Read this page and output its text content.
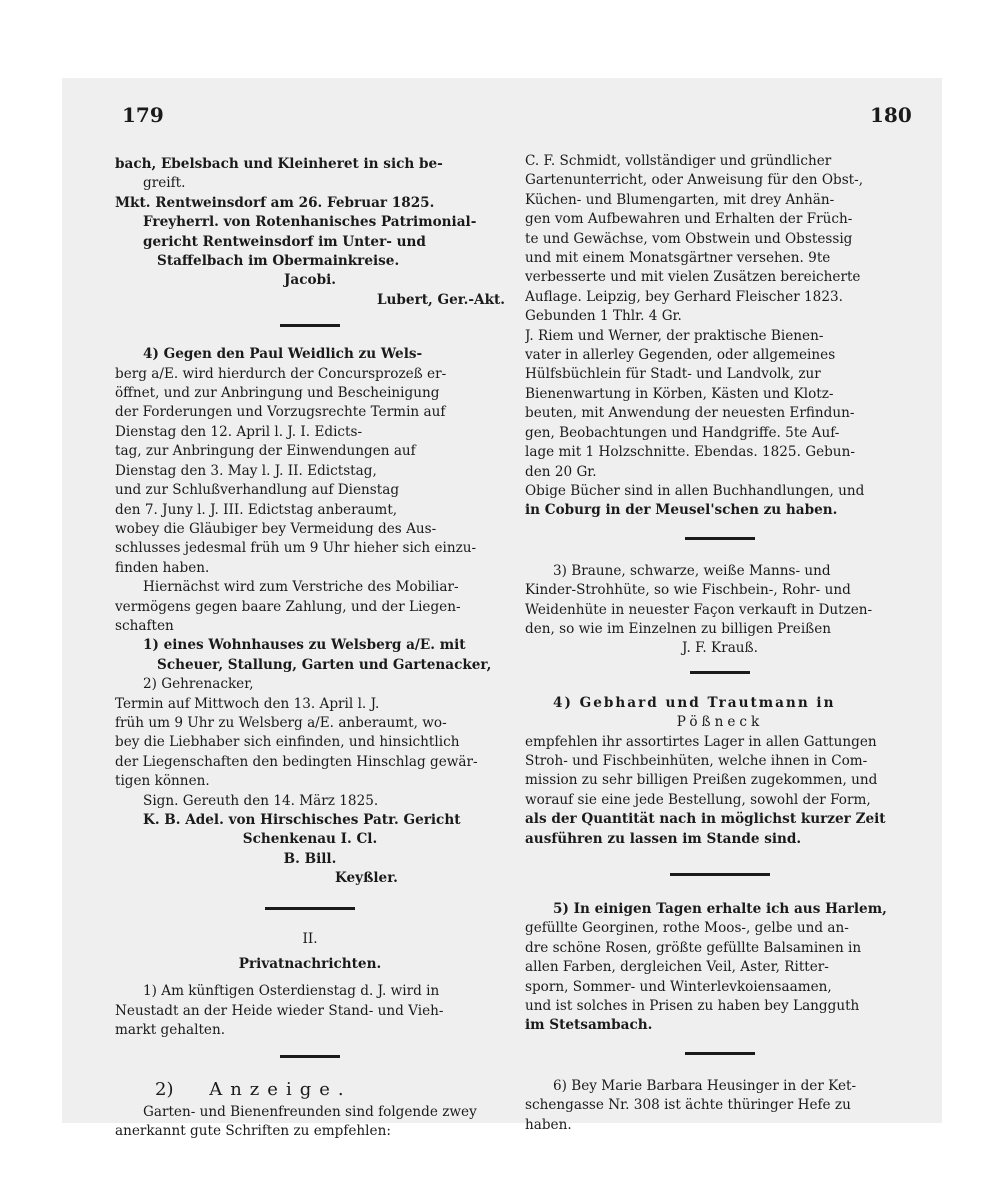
179	180
bach, Ebelsbach und Kleinheret in sich be-
greift.
Mkt. Rentweinsdorf am 26. Februar 1825.
Freyherrl. von Rotenhanisches Patrimonial-
gericht Rentweinsdorf im Unter- und
Staffelbach im Obermainkreise.
Jacobi.
Lubert, Ger.-Akt.
4) Gegen den Paul Weidlich zu Wels-
berg a/E. wird hierdurch der Concursprozeß er-
öffnet, und zur Anbringung und Bescheinigung
der Forderungen und Vorzugsrechte Termin auf
Dienstag den 12. April l. J. I. Edicts-
tag, zur Anbringung der Einwendungen auf
Dienstag den 3. May l. J. II. Edictstag,
und zur Schlußverhandlung auf Dienstag
den 7. Juny l. J. III. Edictstag anberaumt,
wobey die Gläubiger bey Vermeidung des Aus-
schlusses jedesmal früh um 9 Uhr hieher sich einzu-
finden haben.
Hiernächst wird zum Verstriche des Mobiliar-
vermögens gegen baare Zahlung, und der Liegen-
schaften
1) eines Wohnhauses zu Welsberg a/E. mit
Scheuer, Stallung, Garten und Gartenacker,
2) Gehrenacker,
Termin auf Mittwoch den 13. April l. J.
früh um 9 Uhr zu Welsberg a/E. anberaumt, wo-
bey die Liebhaber sich einfinden, und hinsichtlich
der Liegenschaften den bedingten Hinschlag gewär-
tigen können.
Sign. Gereuth den 14. März 1825.
K. B. Adel. von Hirschisches Patr. Gericht
Schenkenau I. Cl.
B. Bill.
Keyßler.
II.
Privatnachrichten.
1) Am künftigen Osterdienstag d. J. wird in
Neustadt an der Heide wieder Stand- und Vieh-
markt gehalten.
2) Anzeige.
Garten- und Bienenfreunden sind folgende zwey
anerkannt gute Schriften zu empfehlen:
C. F. Schmidt, vollständiger und gründlicher
Gartenunterricht, oder Anweisung für den Obst-,
Küchen- und Blumengarten, mit drey Anhän-
gen vom Aufbewahren und Erhalten der Früch-
te und Gewächse, vom Obstwein und Obstessig
und mit einem Monatsgärtner versehen. 9te
verbesserte und mit vielen Zusätzen bereicherte
Auflage. Leipzig, bey Gerhard Fleischer 1823.
Gebunden 1 Thlr. 4 Gr.
J. Riem und Werner, der praktische Bienen-
vater in allerley Gegenden, oder allgemeines
Hülfsbüchlein für Stadt- und Landvolk, zur
Bienenwartung in Körben, Kästen und Klotz-
beuten, mit Anwendung der neuesten Erfindun-
gen, Beobachtungen und Handgriffe. 5te Auf-
lage mit 1 Holzschnitte. Ebendas. 1825. Gebun-
den 20 Gr.
Obige Bücher sind in allen Buchhandlungen, und
in Coburg in der Meusel'schen zu haben.
3) Braune, schwarze, weiße Manns- und
Kinder-Strohhüte, so wie Fischbein-, Rohr- und
Weidenhüte in neuester Façon verkauft in Dutzen-
den, so wie im Einzelnen zu billigen Preißen
J. F. Krauß.
4) Gebhard und Trautmann in
Pößneck
empfehlen ihr assortirtes Lager in allen Gattungen
Stroh- und Fischbeinhüten, welche ihnen in Com-
mission zu sehr billigen Preißen zugekommen, und
worauf sie eine jede Bestellung, sowohl der Form,
als der Quantität nach in möglichst kurzer Zeit
ausführen zu lassen im Stande sind.
5) In einigen Tagen erhalte ich aus Harlem,
gefüllte Georginen, rothe Moos-, gelbe und an-
dre schöne Rosen, größte gefüllte Balsaminen in
allen Farben, dergleichen Veil, Aster, Ritter-
sporn, Sommer- und Winterlevkoiensaamen,
und ist solches in Prisen zu haben bey Langguth
im Stetsambach.
6) Bey Marie Barbara Heusinger in der Ket-
schengasse Nr. 308 ist ächte thüringer Hefe zu
haben.
